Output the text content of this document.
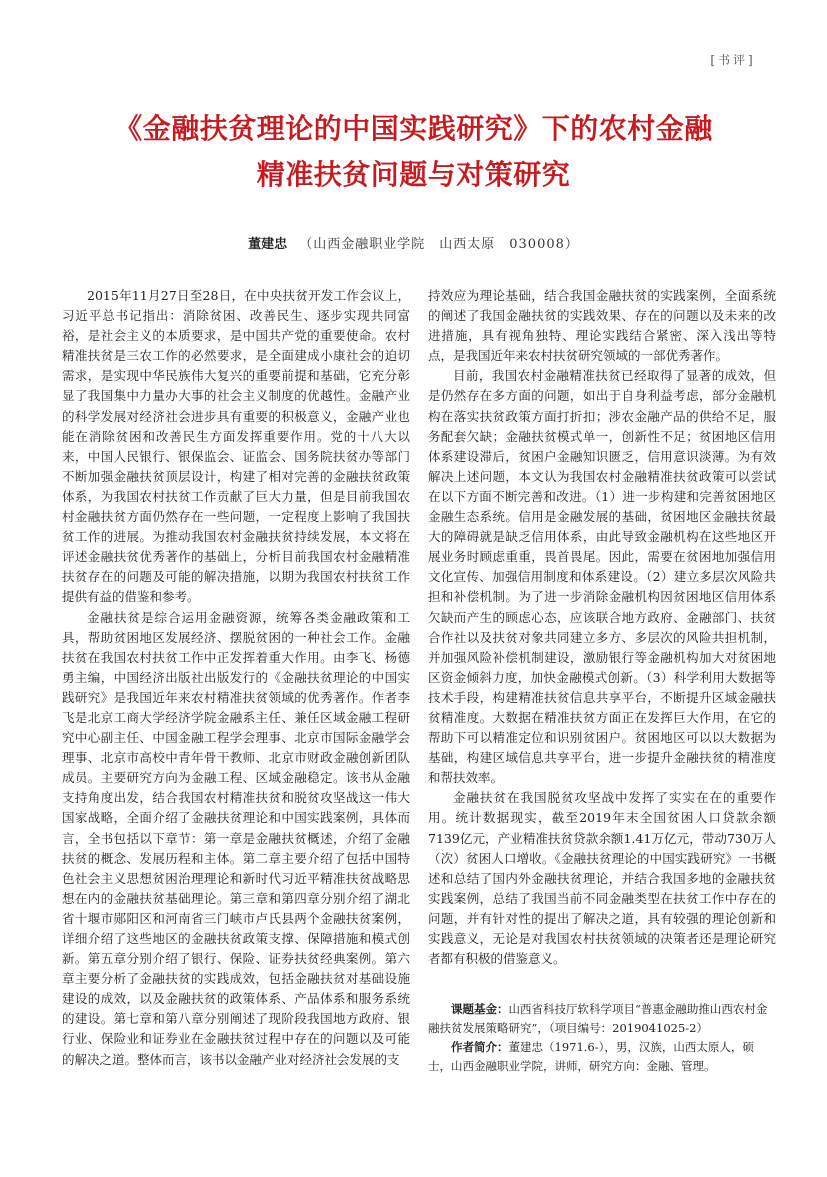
[书评]
《金融扶贫理论的中国实践研究》下的农村金融
精准扶贫问题与对策研究
董建忠 （山西金融职业学院　山西太原　030008）

2015年11月27日至28日，在中央扶贫开发工作会议上，习近平总书记指出：消除贫困、改善民生、逐步实现共同富裕，是社会主义的本质要求，是中国共产党的重要使命。农村精准扶贫是三农工作的必然要求，是全面建成小康社会的迫切需求，是实现中华民族伟大复兴的重要前提和基础，它充分彰显了我国集中力量办大事的社会主义制度的优越性。金融产业的科学发展对经济社会进步具有重要的积极意义，金融产业也能在消除贫困和改善民生方面发挥重要作用。党的十八大以来，中国人民银行、银保监会、证监会、国务院扶贫办等部门不断加强金融扶贫顶层设计，构建了相对完善的金融扶贫政策体系，为我国农村扶贫工作贡献了巨大力量，但是目前我国农村金融扶贫方面仍然存在一些问题，一定程度上影响了我国扶贫工作的进展。为推动我国农村金融扶贫持续发展，本文将在评述金融扶贫优秀著作的基础上，分析目前我国农村金融精准扶贫存在的问题及可能的解决措施，以期为我国农村扶贫工作提供有益的借鉴和参考。

金融扶贫是综合运用金融资源，统筹各类金融政策和工具，帮助贫困地区发展经济、摆脱贫困的一种社会工作。金融扶贫在我国农村扶贫工作中正发挥着重大作用。由李飞、杨德勇主编，中国经济出版社出版发行的《金融扶贫理论的中国实践研究》是我国近年来农村精准扶贫领域的优秀著作。作者李飞是北京工商大学经济学院金融系主任、兼任区域金融工程研究中心副主任、中国金融工程学会理事、北京市国际金融学会理事、北京市高校中青年骨干教师、北京市财政金融创新团队成员。主要研究方向为金融工程、区域金融稳定。该书从金融支持角度出发，结合我国农村精准扶贫和脱贫攻坚战这一伟大国家战略，全面介绍了金融扶贫理论和中国实践案例，具体而言，全书包括以下章节：第一章是金融扶贫概述，介绍了金融扶贫的概念、发展历程和主体。第二章主要介绍了包括中国特色社会主义思想贫困治理理论和新时代习近平精准扶贫战略思想在内的金融扶贫基础理论。第三章和第四章分别介绍了湖北省十堰市郧阳区和河南省三门峡市卢氏县两个金融扶贫案例，详细介绍了这些地区的金融扶贫政策支撑、保障措施和模式创新。第五章分别介绍了银行、保险、证券扶贫经典案例。第六章主要分析了金融扶贫的实践成效，包括金融扶贫对基础设施建设的成效，以及金融扶贫的政策体系、产品体系和服务系统的建设。第七章和第八章分别阐述了现阶段我国地方政府、银行业、保险业和证券业在金融扶贫过程中存在的问题以及可能的解决之道。整体而言，该书以金融产业对经济社会发展的支

持效应为理论基础，结合我国金融扶贫的实践案例，全面系统的阐述了我国金融扶贫的实践效果、存在的问题以及未来的改进措施，具有视角独特、理论实践结合紧密、深入浅出等特点，是我国近年来农村扶贫研究领域的一部优秀著作。

目前，我国农村金融精准扶贫已经取得了显著的成效，但是仍然存在多方面的问题，如出于自身利益考虑，部分金融机构在落实扶贫政策方面打折扣；涉农金融产品的供给不足，服务配套欠缺；金融扶贫模式单一，创新性不足；贫困地区信用体系建设滞后，贫困户金融知识匮乏，信用意识淡薄。为有效解决上述问题，本文认为我国农村金融精准扶贫政策可以尝试在以下方面不断完善和改进。（1）进一步构建和完善贫困地区金融生态系统。信用是金融发展的基础，贫困地区金融扶贫最大的障碍就是缺乏信用体系，由此导致金融机构在这些地区开展业务时顾虑重重，畏首畏尾。因此，需要在贫困地加强信用文化宣传、加强信用制度和体系建设。（2）建立多层次风险共担和补偿机制。为了进一步消除金融机构因贫困地区信用体系欠缺而产生的顾虑心态，应该联合地方政府、金融部门、扶贫合作社以及扶贫对象共同建立多方、多层次的风险共担机制，并加强风险补偿机制建设，激励银行等金融机构加大对贫困地区资金倾斜力度，加快金融模式创新。（3）科学利用大数据等技术手段，构建精准扶贫信息共享平台，不断提升区域金融扶贫精准度。大数据在精准扶贫方面正在发挥巨大作用，在它的帮助下可以精准定位和识别贫困户。贫困地区可以以大数据为基础，构建区域信息共享平台，进一步提升金融扶贫的精准度和帮扶效率。

金融扶贫在我国脱贫攻坚战中发挥了实实在在的重要作用。统计数据现实，截至2019年末全国贫困人口贷款余额7139亿元，产业精准扶贫贷款余额1.41万亿元，带动730万人（次）贫困人口增收。《金融扶贫理论的中国实践研究》一书概述和总结了国内外金融扶贫理论，并结合我国多地的金融扶贫实践案例，总结了我国当前不同金融类型在扶贫工作中存在的问题，并有针对性的提出了解决之道，具有较强的理论创新和实践意义，无论是对我国农村扶贫领域的决策者还是理论研究者都有积极的借鉴意义。

课题基金：山西省科技厅软科学项目“普惠金融助推山西农村金融扶贫发展策略研究”，（项目编号：2019041025-2）

作者简介：董建忠（1971.6-），男，汉族，山西太原人，硕士，山西金融职业学院，讲师，研究方向：金融、管理。
